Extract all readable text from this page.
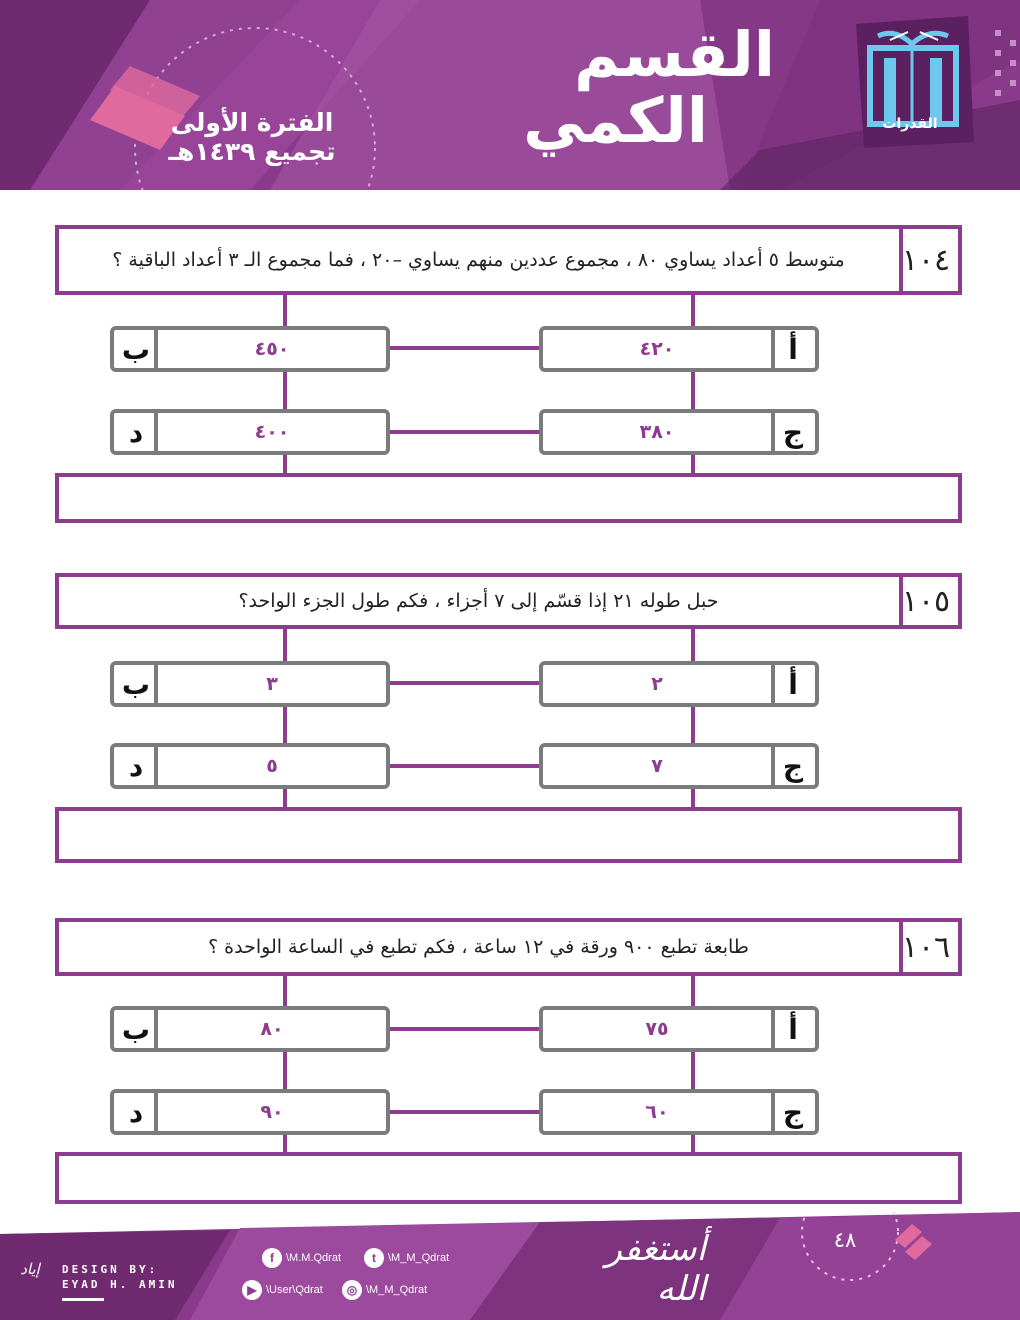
القسم
الكمي
الفترة الأولى
تجميع ١٤٣٩هـ
القدرات
١٠٤
متوسط ٥ أعداد يساوي ٨٠ ، مجموع عددين منهم يساوي –٢٠ ، فما مجموع الـ ٣ أعداد الباقية ؟
أ
٤٢٠
ب	٤٥٠
ج
٣٨٠
د	٤٠٠
١٠٥
حبل طوله ٢١ إذا قسّم إلى ٧ أجزاء ، فكم طول الجزء الواحد؟
أ
٢
ب	٣
ج
٧
د	٥
١٠٦
طابعة تطبع ٩٠٠ ورقة في ١٢ ساعة ، فكم تطبع في الساعة الواحدة ؟
أ
٧٥
ب	٨٠
ج
٦٠
د	٩٠
إياد	DESIGN BY:
EYAD H. AMIN
f	\M.M.Qdrat	t	\M_M_Qdrat
▶ \User\Qdrat	◎ \M_M_Qdrat
أستغفر الله
٤٨
